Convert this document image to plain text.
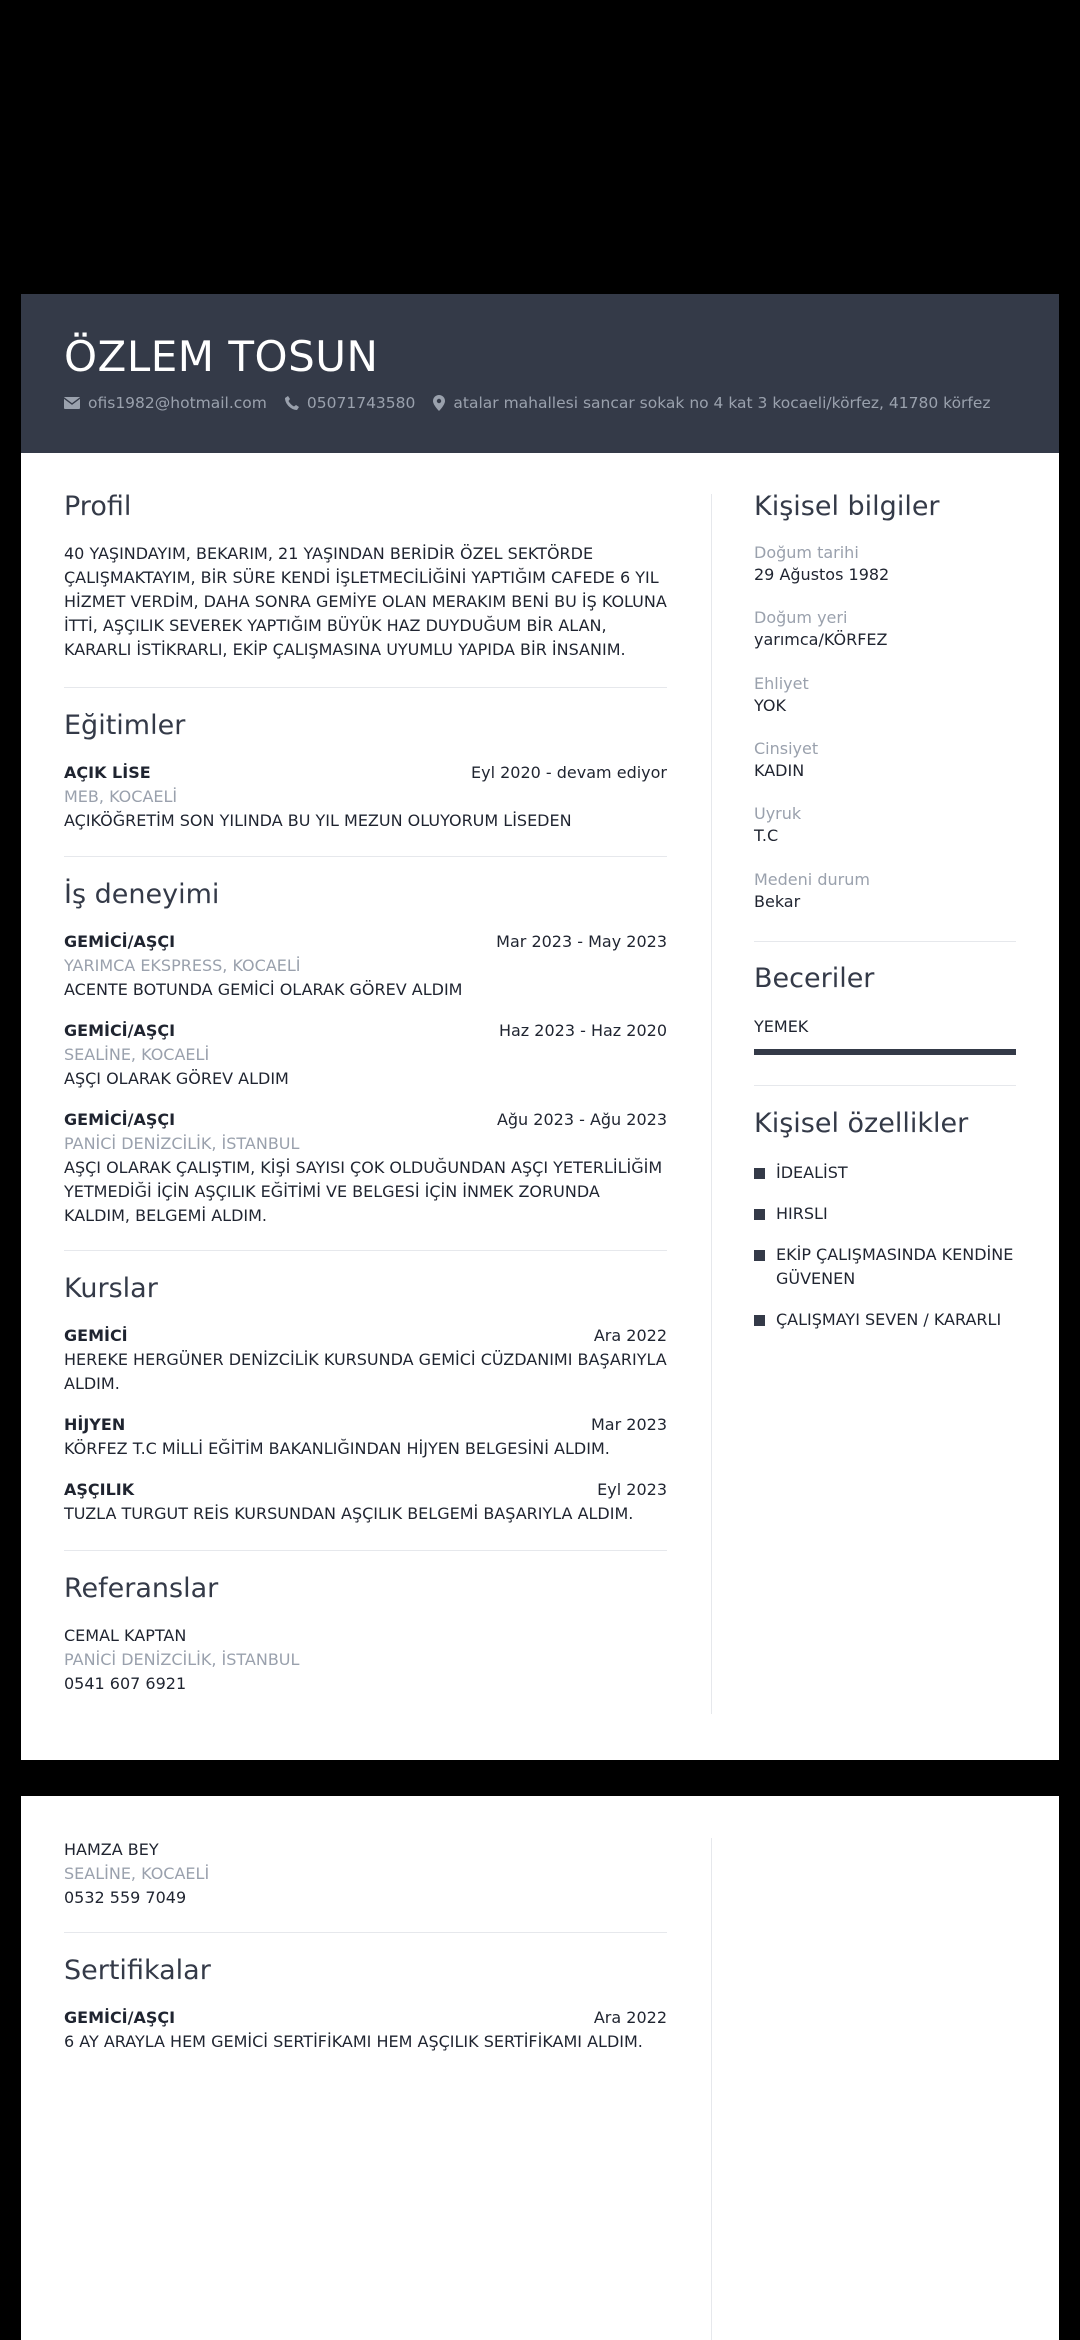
ÖZLEM TOSUN
ofis1982@hotmail.com	05071743580 atalar mahallesi sancar sokak no 4 kat 3 kocaeli/körfez, 41780 körfez
Profil
40 YAŞINDAYIM, BEKARIM, 21 YAŞINDAN BERİDİR ÖZEL SEKTÖRDE ÇALIŞMAKTAYIM, BİR SÜRE KENDİ İŞLETMECİLİĞİNİ YAPTIĞIM CAFEDE 6 YIL HİZMET VERDİM, DAHA SONRA GEMİYE OLAN MERAKIM BENİ BU İŞ KOLUNA İTTİ, AŞÇILIK SEVEREK YAPTIĞIM BÜYÜK HAZ DUYDUĞUM BİR ALAN, KARARLI İSTİKRARLI, EKİP ÇALIŞMASINA UYUMLU YAPIDA BİR İNSANIM.
Eğitimler
AÇIK LİSE	Eyl 2020 - devam ediyor
MEB, KOCAELİ
AÇIKÖĞRETİM SON YILINDA BU YIL MEZUN OLUYORUM LİSEDEN
İş deneyimi
GEMİCİ/AŞÇI	Mar 2023 - May 2023
YARIMCA EKSPRESS, KOCAELİ
ACENTE BOTUNDA GEMİCİ OLARAK GÖREV ALDIM
GEMİCİ/AŞÇI	Haz 2023 - Haz 2020
SEALİNE, KOCAELİ
AŞÇI OLARAK GÖREV ALDIM
GEMİCİ/AŞÇI	Ağu 2023 - Ağu 2023
PANİCİ DENİZCİLİK, İSTANBUL
AŞÇI OLARAK ÇALIŞTIM, KİŞİ SAYISI ÇOK OLDUĞUNDAN AŞÇI YETERLİLİĞİM YETMEDİĞİ İÇİN AŞÇILIK EĞİTİMİ VE BELGESİ İÇİN İNMEK ZORUNDA KALDIM, BELGEMİ ALDIM.
Kurslar
GEMİCİ	Ara 2022
HEREKE HERGÜNER DENİZCİLİK KURSUNDA GEMİCİ CÜZDANIMI BAŞARIYLA ALDIM.
HİJYEN	Mar 2023
KÖRFEZ T.C MİLLİ EĞİTİM BAKANLIĞINDAN HİJYEN BELGESİNİ ALDIM.
AŞÇILIK	Eyl 2023
TUZLA TURGUT REİS KURSUNDAN AŞÇILIK BELGEMİ BAŞARIYLA ALDIM.
Referanslar
CEMAL KAPTAN
PANİCİ DENİZCİLİK, İSTANBUL
0541 607 6921
Kişisel bilgiler
Doğum tarihi
29 Ağustos 1982
Doğum yeri
yarımca/KÖRFEZ
Ehliyet
YOK
Cinsiyet
KADIN
Uyruk
T.C
Medeni durum
Bekar
Beceriler
YEMEK
Kişisel özellikler
İDEALİST
HIRSLI
EKİP ÇALIŞMASINDA KENDİNE GÜVENEN
ÇALIŞMAYI SEVEN / KARARLI
HAMZA BEY
SEALİNE, KOCAELİ
0532 559 7049
Sertifikalar
GEMİCİ/AŞÇI	Ara 2022
6 AY ARAYLA HEM GEMİCİ SERTİFİKAMI HEM AŞÇILIK SERTİFİKAMI ALDIM.
